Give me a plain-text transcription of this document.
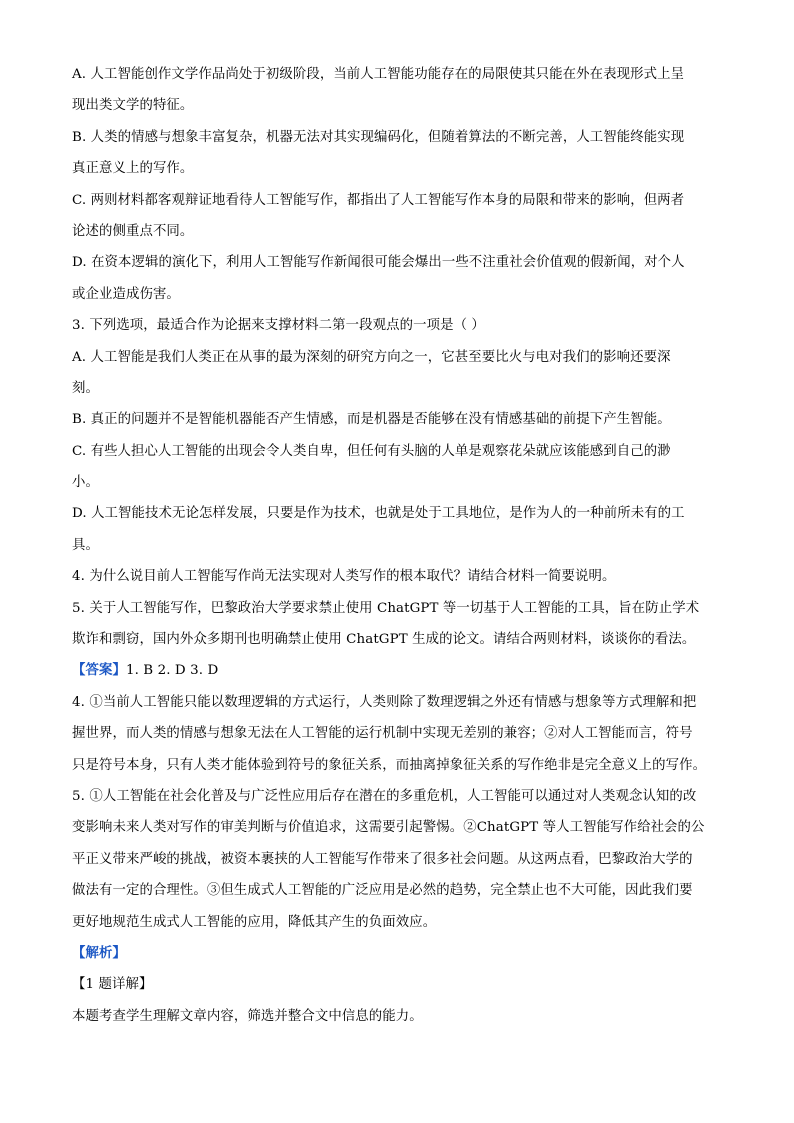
A. 人工智能创作文学作品尚处于初级阶段，当前人工智能功能存在的局限使其只能在外在表现形式上呈
现出类文学的特征。
B. 人类的情感与想象丰富复杂，机器无法对其实现编码化，但随着算法的不断完善，人工智能终能实现
真正意义上的写作。
C. 两则材料都客观辩证地看待人工智能写作，都指出了人工智能写作本身的局限和带来的影响，但两者
论述的侧重点不同。
D. 在资本逻辑的演化下，利用人工智能写作新闻很可能会爆出一些不注重社会价值观的假新闻，对个人
或企业造成伤害。
3. 下列选项，最适合作为论据来支撑材料二第一段观点的一项是（ ）
A. 人工智能是我们人类正在从事的最为深刻的研究方向之一，它甚至要比火与电对我们的影响还要深
刻。
B. 真正的问题并不是智能机器能否产生情感，而是机器是否能够在没有情感基础的前提下产生智能。
C. 有些人担心人工智能的出现会令人类自卑，但任何有头脑的人单是观察花朵就应该能感到自己的渺
小。
D. 人工智能技术无论怎样发展，只要是作为技术，也就是处于工具地位，是作为人的一种前所未有的工
具。
4. 为什么说目前人工智能写作尚无法实现对人类写作的根本取代？请结合材料一简要说明。
5. 关于人工智能写作，巴黎政治大学要求禁止使用 ChatGPT 等一切基于人工智能的工具，旨在防止学术
欺诈和剽窃，国内外众多期刊也明确禁止使用 ChatGPT 生成的论文。请结合两则材料，谈谈你的看法。
【答案】1. B 2. D 3. D
4. ①当前人工智能只能以数理逻辑的方式运行，人类则除了数理逻辑之外还有情感与想象等方式理解和把
握世界，而人类的情感与想象无法在人工智能的运行机制中实现无差别的兼容；②对人工智能而言，符号
只是符号本身，只有人类才能体验到符号的象征关系，而抽离掉象征关系的写作绝非是完全意义上的写作。
5. ①人工智能在社会化普及与广泛性应用后存在潜在的多重危机，人工智能可以通过对人类观念认知的改
变影响未来人类对写作的审美判断与价值追求，这需要引起警惕。②ChatGPT 等人工智能写作给社会的公
平正义带来严峻的挑战，被资本裹挟的人工智能写作带来了很多社会问题。从这两点看，巴黎政治大学的
做法有一定的合理性。③但生成式人工智能的广泛应用是必然的趋势，完全禁止也不大可能，因此我们要
更好地规范生成式人工智能的应用，降低其产生的负面效应。
【解析】
【1 题详解】
本题考查学生理解文章内容，筛选并整合文中信息的能力。
